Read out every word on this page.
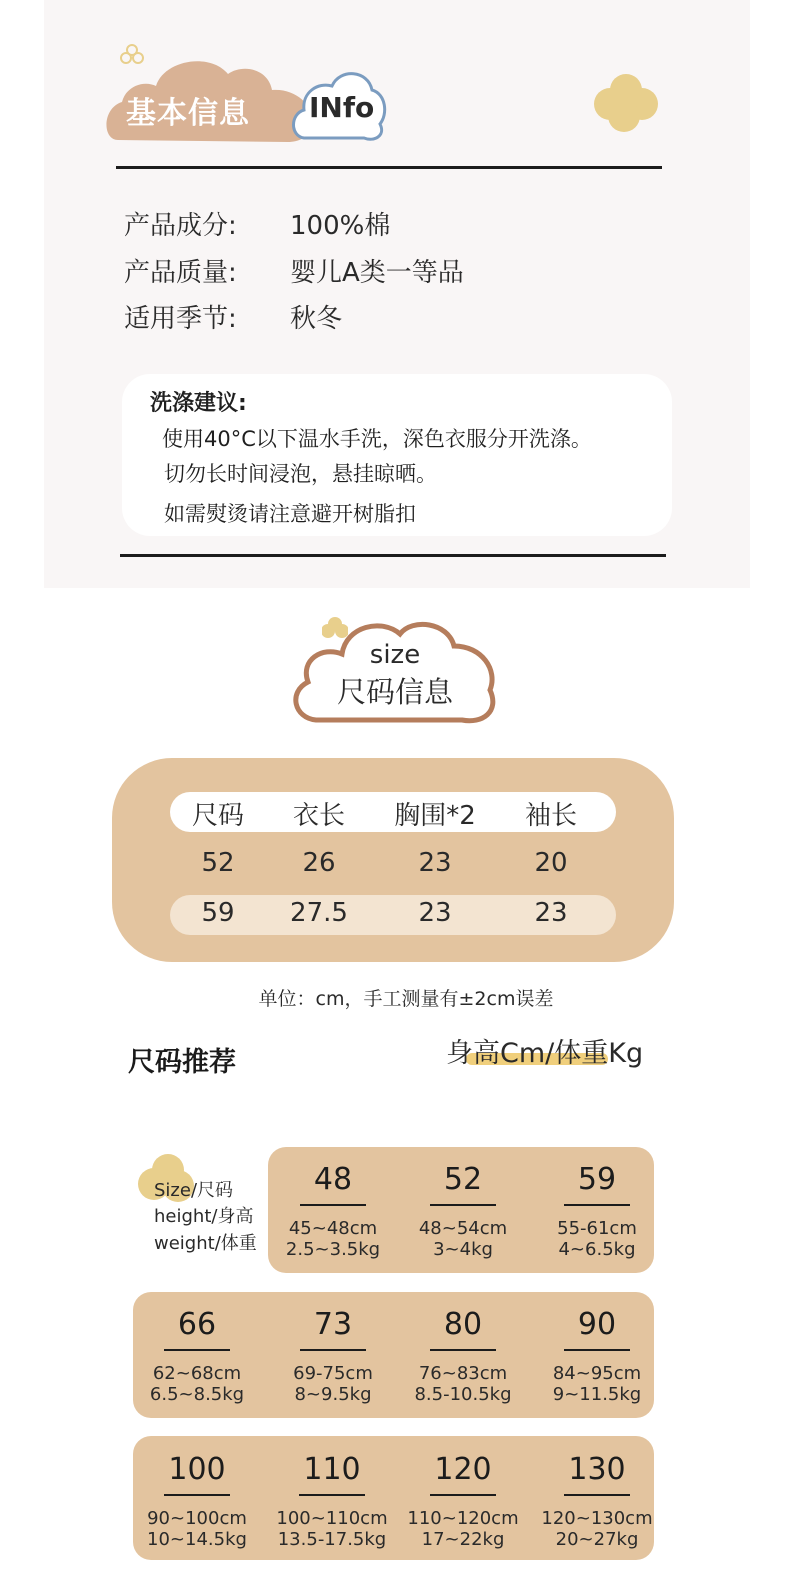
基本信息 INfo
产品成分: 100%棉
产品质量: 婴儿A类一等品
适用季节: 秋冬
洗涤建议:
使用40°C以下温水手洗，深色衣服分开洗涤。
切勿长时间浸泡，悬挂晾晒。
如需熨烫请注意避开树脂扣
size
尺码信息
尺码	衣长	胸围*2	袖长
52	26	23	20
59	27.5	23	23
单位：cm，手工测量有±2cm误差
尺码推荐	身高Cm/体重Kg
Size/尺码
height/身高
weight/体重
48
45~48cm
2.5~3.5kg
52
48~54cm
3~4kg
59
55-61cm
4~6.5kg
66
62~68cm
6.5~8.5kg
73
69-75cm
8~9.5kg
80
76~83cm
8.5-10.5kg
90
84~95cm
9~11.5kg
100
90~100cm
10~14.5kg
110
100~110cm
13.5-17.5kg
120
110~120cm
17~22kg
130
120~130cm
20~27kg
